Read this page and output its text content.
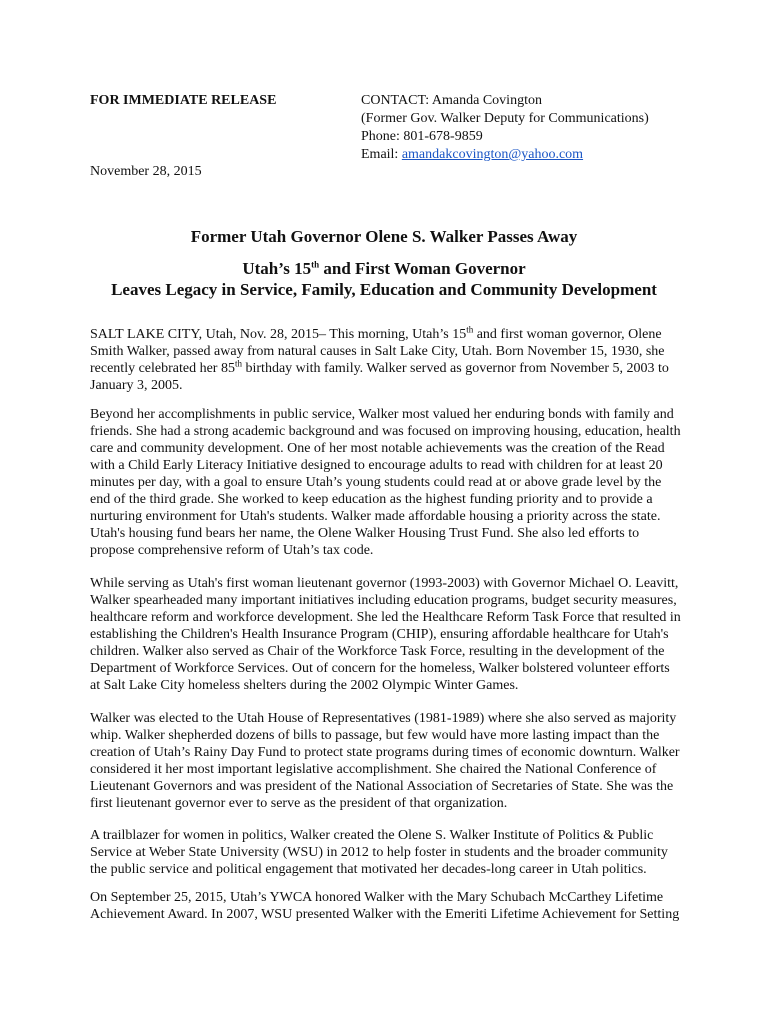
FOR IMMEDIATE RELEASE
November 28, 2015
CONTACT: Amanda Covington
(Former Gov. Walker Deputy for Communications)
Phone: 801-678-9859
Email: amandakcovington@yahoo.com
Former Utah Governor Olene S. Walker Passes Away
Utah’s 15th and First Woman Governor
Leaves Legacy in Service, Family, Education and Community Development
SALT LAKE CITY, Utah, Nov. 28, 2015– This morning, Utah’s 15th and first woman governor, Olene
Smith Walker, passed away from natural causes in Salt Lake City, Utah. Born November 15, 1930, she
recently celebrated her 85th birthday with family. Walker served as governor from November 5, 2003 to
January 3, 2005.
Beyond her accomplishments in public service, Walker most valued her enduring bonds with family and
friends. She had a strong academic background and was focused on improving housing, education, health
care and community development. One of her most notable achievements was the creation of the Read
with a Child Early Literacy Initiative designed to encourage adults to read with children for at least 20
minutes per day, with a goal to ensure Utah’s young students could read at or above grade level by the
end of the third grade. She worked to keep education as the highest funding priority and to provide a
nurturing environment for Utah's students. Walker made affordable housing a priority across the state.
Utah's housing fund bears her name, the Olene Walker Housing Trust Fund. She also led efforts to
propose comprehensive reform of Utah’s tax code.
While serving as Utah's first woman lieutenant governor (1993-2003) with Governor Michael O. Leavitt,
Walker spearheaded many important initiatives including education programs, budget security measures,
healthcare reform and workforce development. She led the Healthcare Reform Task Force that resulted in
establishing the Children's Health Insurance Program (CHIP), ensuring affordable healthcare for Utah's
children. Walker also served as Chair of the Workforce Task Force, resulting in the development of the
Department of Workforce Services. Out of concern for the homeless, Walker bolstered volunteer efforts
at Salt Lake City homeless shelters during the 2002 Olympic Winter Games.
Walker was elected to the Utah House of Representatives (1981-1989) where she also served as majority
whip. Walker shepherded dozens of bills to passage, but few would have more lasting impact than the
creation of Utah’s Rainy Day Fund to protect state programs during times of economic downturn. Walker
considered it her most important legislative accomplishment. She chaired the National Conference of
Lieutenant Governors and was president of the National Association of Secretaries of State. She was the
first lieutenant governor ever to serve as the president of that organization.
A trailblazer for women in politics, Walker created the Olene S. Walker Institute of Politics & Public
Service at Weber State University (WSU) in 2012 to help foster in students and the broader community
the public service and political engagement that motivated her decades-long career in Utah politics.
On September 25, 2015, Utah’s YWCA honored Walker with the Mary Schubach McCarthey Lifetime
Achievement Award. In 2007, WSU presented Walker with the Emeriti Lifetime Achievement for Setting
